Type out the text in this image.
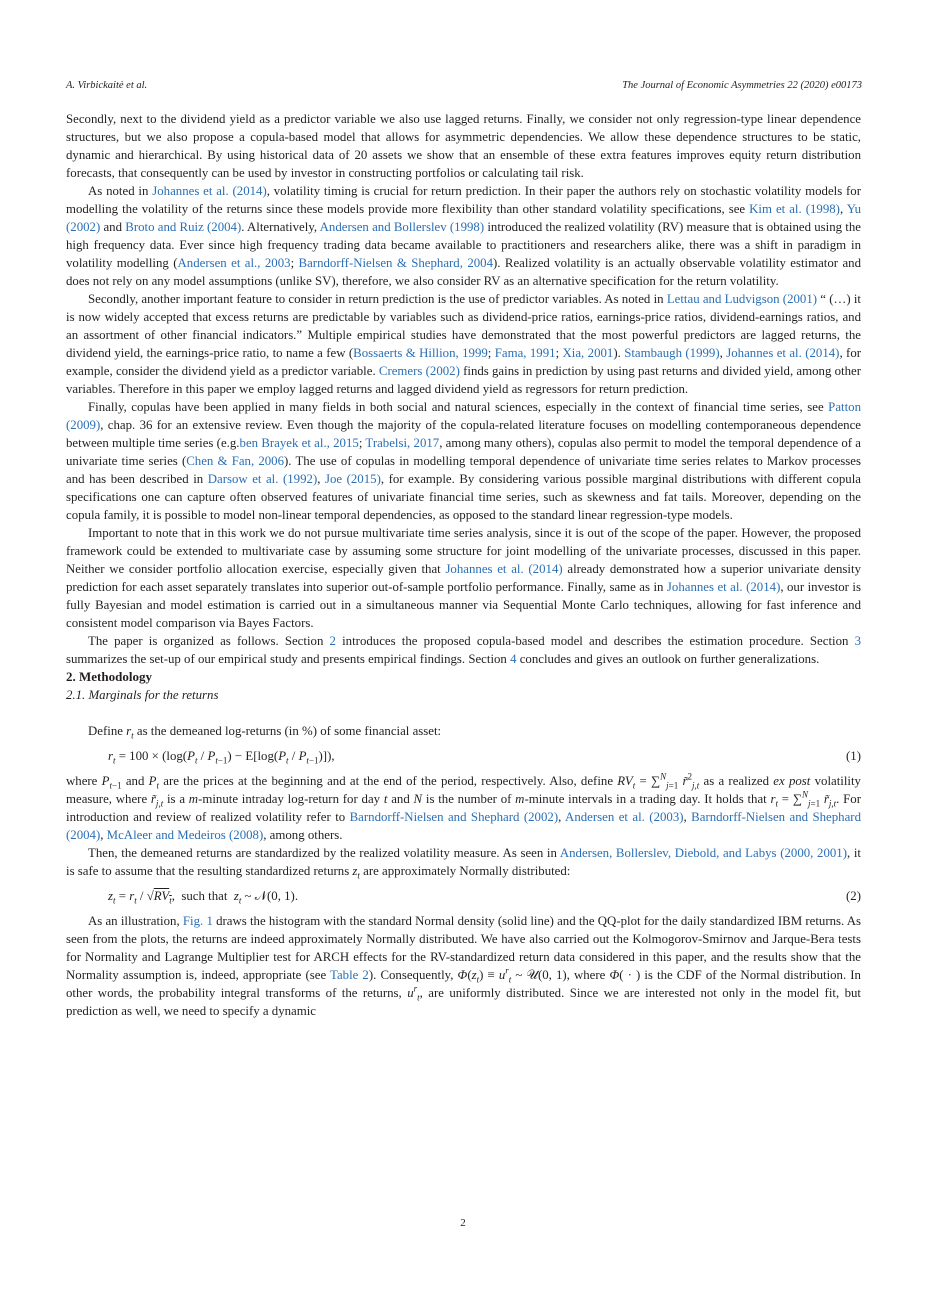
A. Virbickaitė et al.	The Journal of Economic Asymmetries 22 (2020) e00173

Secondly, next to the dividend yield as a predictor variable we also use lagged returns. Finally, we consider not only regression-type linear dependence structures, but we also propose a copula-based model that allows for asymmetric dependencies. We allow these dependence structures to be static, dynamic and hierarchical. By using historical data of 20 assets we show that an ensemble of these extra features improves equity return distribution forecasts, that consequently can be used by investor in constructing portfolios or calculating tail risk.

As noted in Johannes et al. (2014), volatility timing is crucial for return prediction. In their paper the authors rely on stochastic volatility models for modelling the volatility of the returns since these models provide more flexibility than other standard volatility specifications, see Kim et al. (1998), Yu (2002) and Broto and Ruiz (2004). Alternatively, Andersen and Bollerslev (1998) introduced the realized volatility (RV) measure that is obtained using the high frequency data. Ever since high frequency trading data became available to practitioners and researchers alike, there was a shift in paradigm in volatility modelling (Andersen et al., 2003; Barndorff-Nielsen & Shephard, 2004). Realized volatility is an actually observable volatility estimator and does not rely on any model assumptions (unlike SV), therefore, we also consider RV as an alternative specification for the return volatility.

Secondly, another important feature to consider in return prediction is the use of predictor variables. As noted in Lettau and Ludvigson (2001) “ (…) it is now widely accepted that excess returns are predictable by variables such as dividend-price ratios, earnings-price ratios, dividend-earnings ratios, and an assortment of other financial indicators.” Multiple empirical studies have demonstrated that the most powerful predictors are lagged returns, the dividend yield, the earnings-price ratio, to name a few (Bossaerts & Hillion, 1999; Fama, 1991; Xia, 2001). Stambaugh (1999), Johannes et al. (2014), for example, consider the dividend yield as a predictor variable. Cremers (2002) finds gains in prediction by using past returns and divided yield, among other variables. Therefore in this paper we employ lagged returns and lagged dividend yield as regressors for return prediction.

Finally, copulas have been applied in many fields in both social and natural sciences, especially in the context of financial time series, see Patton (2009), chap. 36 for an extensive review. Even though the majority of the copula-related literature focuses on modelling contemporaneous dependence between multiple time series (e.g.ben Brayek et al., 2015; Trabelsi, 2017, among many others), copulas also permit to model the temporal dependence of a univariate time series (Chen & Fan, 2006). The use of copulas in modelling temporal dependence of univariate time series relates to Markov processes and has been described in Darsow et al. (1992), Joe (2015), for example. By considering various possible marginal distributions with different copula specifications one can capture often observed features of univariate financial time series, such as skewness and fat tails. Moreover, depending on the copula family, it is possible to model non-linear temporal dependencies, as opposed to the standard linear regression-type models.

Important to note that in this work we do not pursue multivariate time series analysis, since it is out of the scope of the paper. However, the proposed framework could be extended to multivariate case by assuming some structure for joint modelling of the univariate processes, discussed in this paper. Neither we consider portfolio allocation exercise, especially given that Johannes et al. (2014) already demonstrated how a superior univariate density prediction for each asset separately translates into superior out-of-sample portfolio performance. Finally, same as in Johannes et al. (2014), our investor is fully Bayesian and model estimation is carried out in a simultaneous manner via Sequential Monte Carlo techniques, allowing for fast inference and consistent model comparison via Bayes Factors.

The paper is organized as follows. Section 2 introduces the proposed copula-based model and describes the estimation procedure. Section 3 summarizes the set-up of our empirical study and presents empirical findings. Section 4 concludes and gives an outlook on further generalizations.

2. Methodology

2.1. Marginals for the returns

Define $r_t$ as the demeaned log-returns (in %) of some financial asset:

$r_t = 100 \times (\log(P_t / P_{t-1}) - E[\log(P_t / P_{t-1})])$,	(1)

where $P_{t-1}$ and $P_t$ are the prices at the beginning and at the end of the period, respectively. Also, define $RV_t = \sum^N_{j=1}$ r̃$^2_{j,t}$ as a realized ex post volatility measure, where $r̃_{j,t}$ is a m-minute intraday log-return for day t and N is the number of m-minute intervals in a trading day. It holds that $r_t = \sum^N_{j=1}$ $r̃_{j,t}$. For introduction and review of realized volatility refer to Barndorff-Nielsen and Shephard (2002), Andersen et al. (2003), Barndorff-Nielsen and Shephard (2004), McAleer and Medeiros (2008), among others.

Then, the demeaned returns are standardized by the realized volatility measure. As seen in Andersen, Bollerslev, Diebold, and Labys (2000, 2001), it is safe to assume that the resulting standardized returns $z_t$ are approximately Normally distributed:

$z_t = r_t / √RV_t$,  such that $z_t$ ~ 𝒩(0, 1).	(2)

As an illustration, Fig. 1 draws the histogram with the standard Normal density (solid line) and the QQ-plot for the daily standardized IBM returns. As seen from the plots, the returns are indeed approximately Normally distributed. We have also carried out the Kolmogorov-Smirnov and Jarque-Bera tests for Normality and Lagrange Multiplier test for ARCH effects for the RV-standardized return data considered in this paper, and the results show that the Normality assumption is, indeed, appropriate (see Table 2). Consequently, $\Phi(z_t) \equiv u^r_t$ ~ 𝒰(0, 1), where Φ( · ) is the CDF of the Normal distribution. In other words, the probability integral transforms of the returns, $u^r_t$, are uniformly distributed. Since we are interested not only in the model fit, but prediction as well, we need to specify a dynamic

2
